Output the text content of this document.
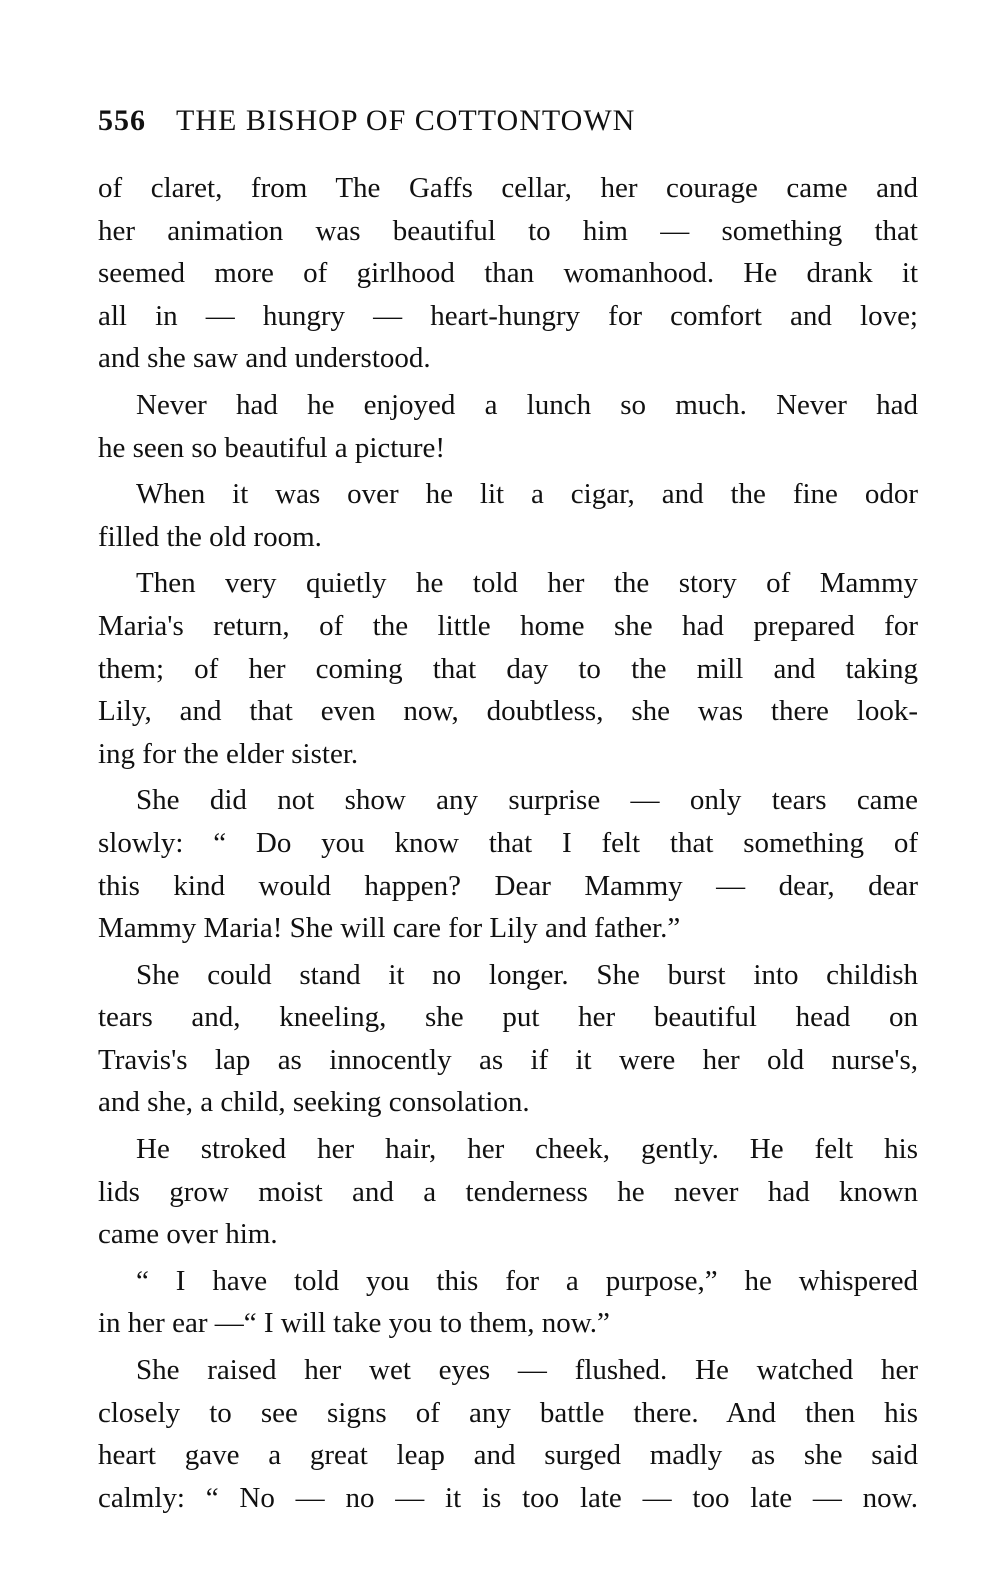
556 THE BISHOP OF COTTONTOWN
of claret, from The Gaffs cellar, her courage came and
her animation was beautiful to him — something that
seemed more of girlhood than womanhood. He drank it
all in — hungry — heart-hungry for comfort and love;
and she saw and understood.
Never had he enjoyed a lunch so much. Never had
he seen so beautiful a picture!
When it was over he lit a cigar, and the fine odor
filled the old room.
Then very quietly he told her the story of Mammy
Maria's return, of the little home she had prepared for
them; of her coming that day to the mill and taking
Lily, and that even now, doubtless, she was there look-
ing for the elder sister.
She did not show any surprise — only tears came
slowly: “ Do you know that I felt that something of
this kind would happen? Dear Mammy — dear, dear
Mammy Maria! She will care for Lily and father.”
She could stand it no longer. She burst into childish
tears and, kneeling, she put her beautiful head on
Travis's lap as innocently as if it were her old nurse's,
and she, a child, seeking consolation.
He stroked her hair, her cheek, gently. He felt his
lids grow moist and a tenderness he never had known
came over him.
“ I have told you this for a purpose,” he whispered
in her ear —“ I will take you to them, now.”
She raised her wet eyes — flushed. He watched her
closely to see signs of any battle there. And then his
heart gave a great leap and surged madly as she said
calmly: “ No — no — it is too late — too late — now.
